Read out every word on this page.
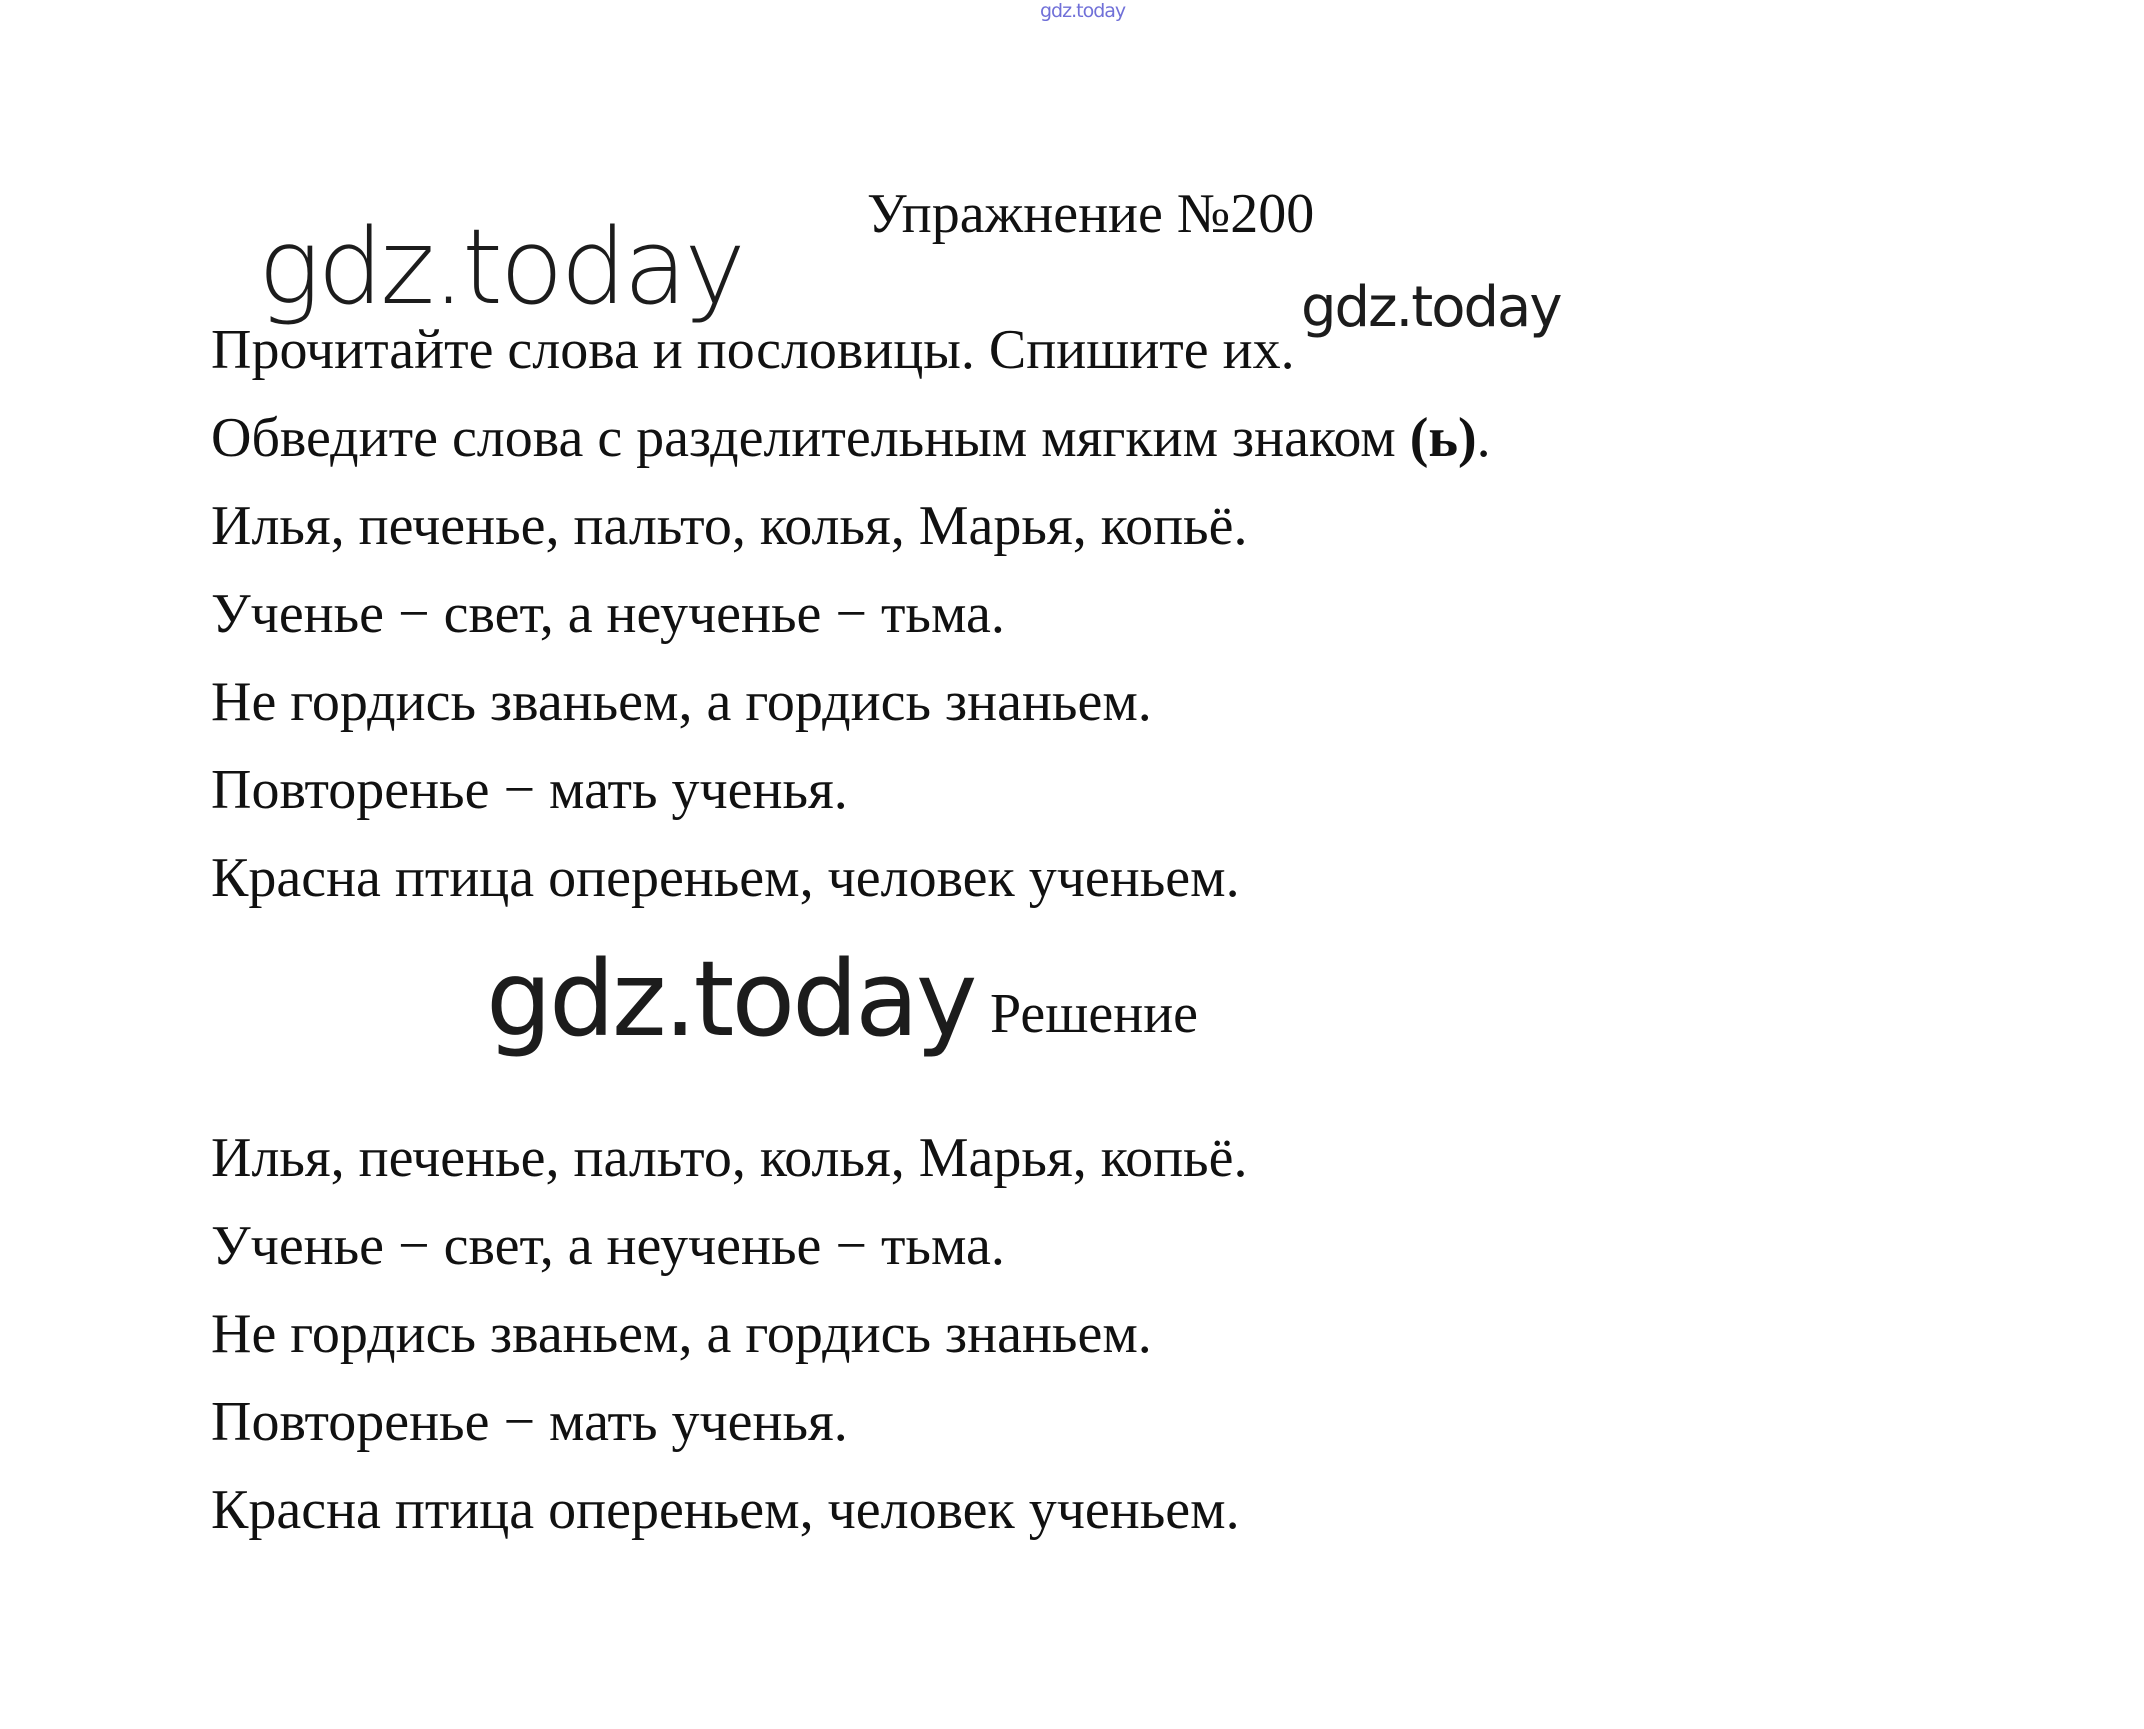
gdz.today
gdz.today	gdz.today
Упражнение №200
Прочитайте слова и пословицы. Спишите их.
Обведите слова с разделительным мягким знаком (ь).
Илья, печенье, пальто, колья, Марья, копьё.
Ученье − свет, а неученье − тьма.
Не гордись званьем, а гордись знаньем.
Повторенье − мать ученья.
Красна птица опереньем, человек ученьем.
gdz.today Решение
Илья, печенье, пальто, колья, Марья, копьё.
Ученье − свет, а неученье − тьма.
Не гордись званьем, а гордись знаньем.
Повторенье − мать ученья.
Красна птица опереньем, человек ученьем.
